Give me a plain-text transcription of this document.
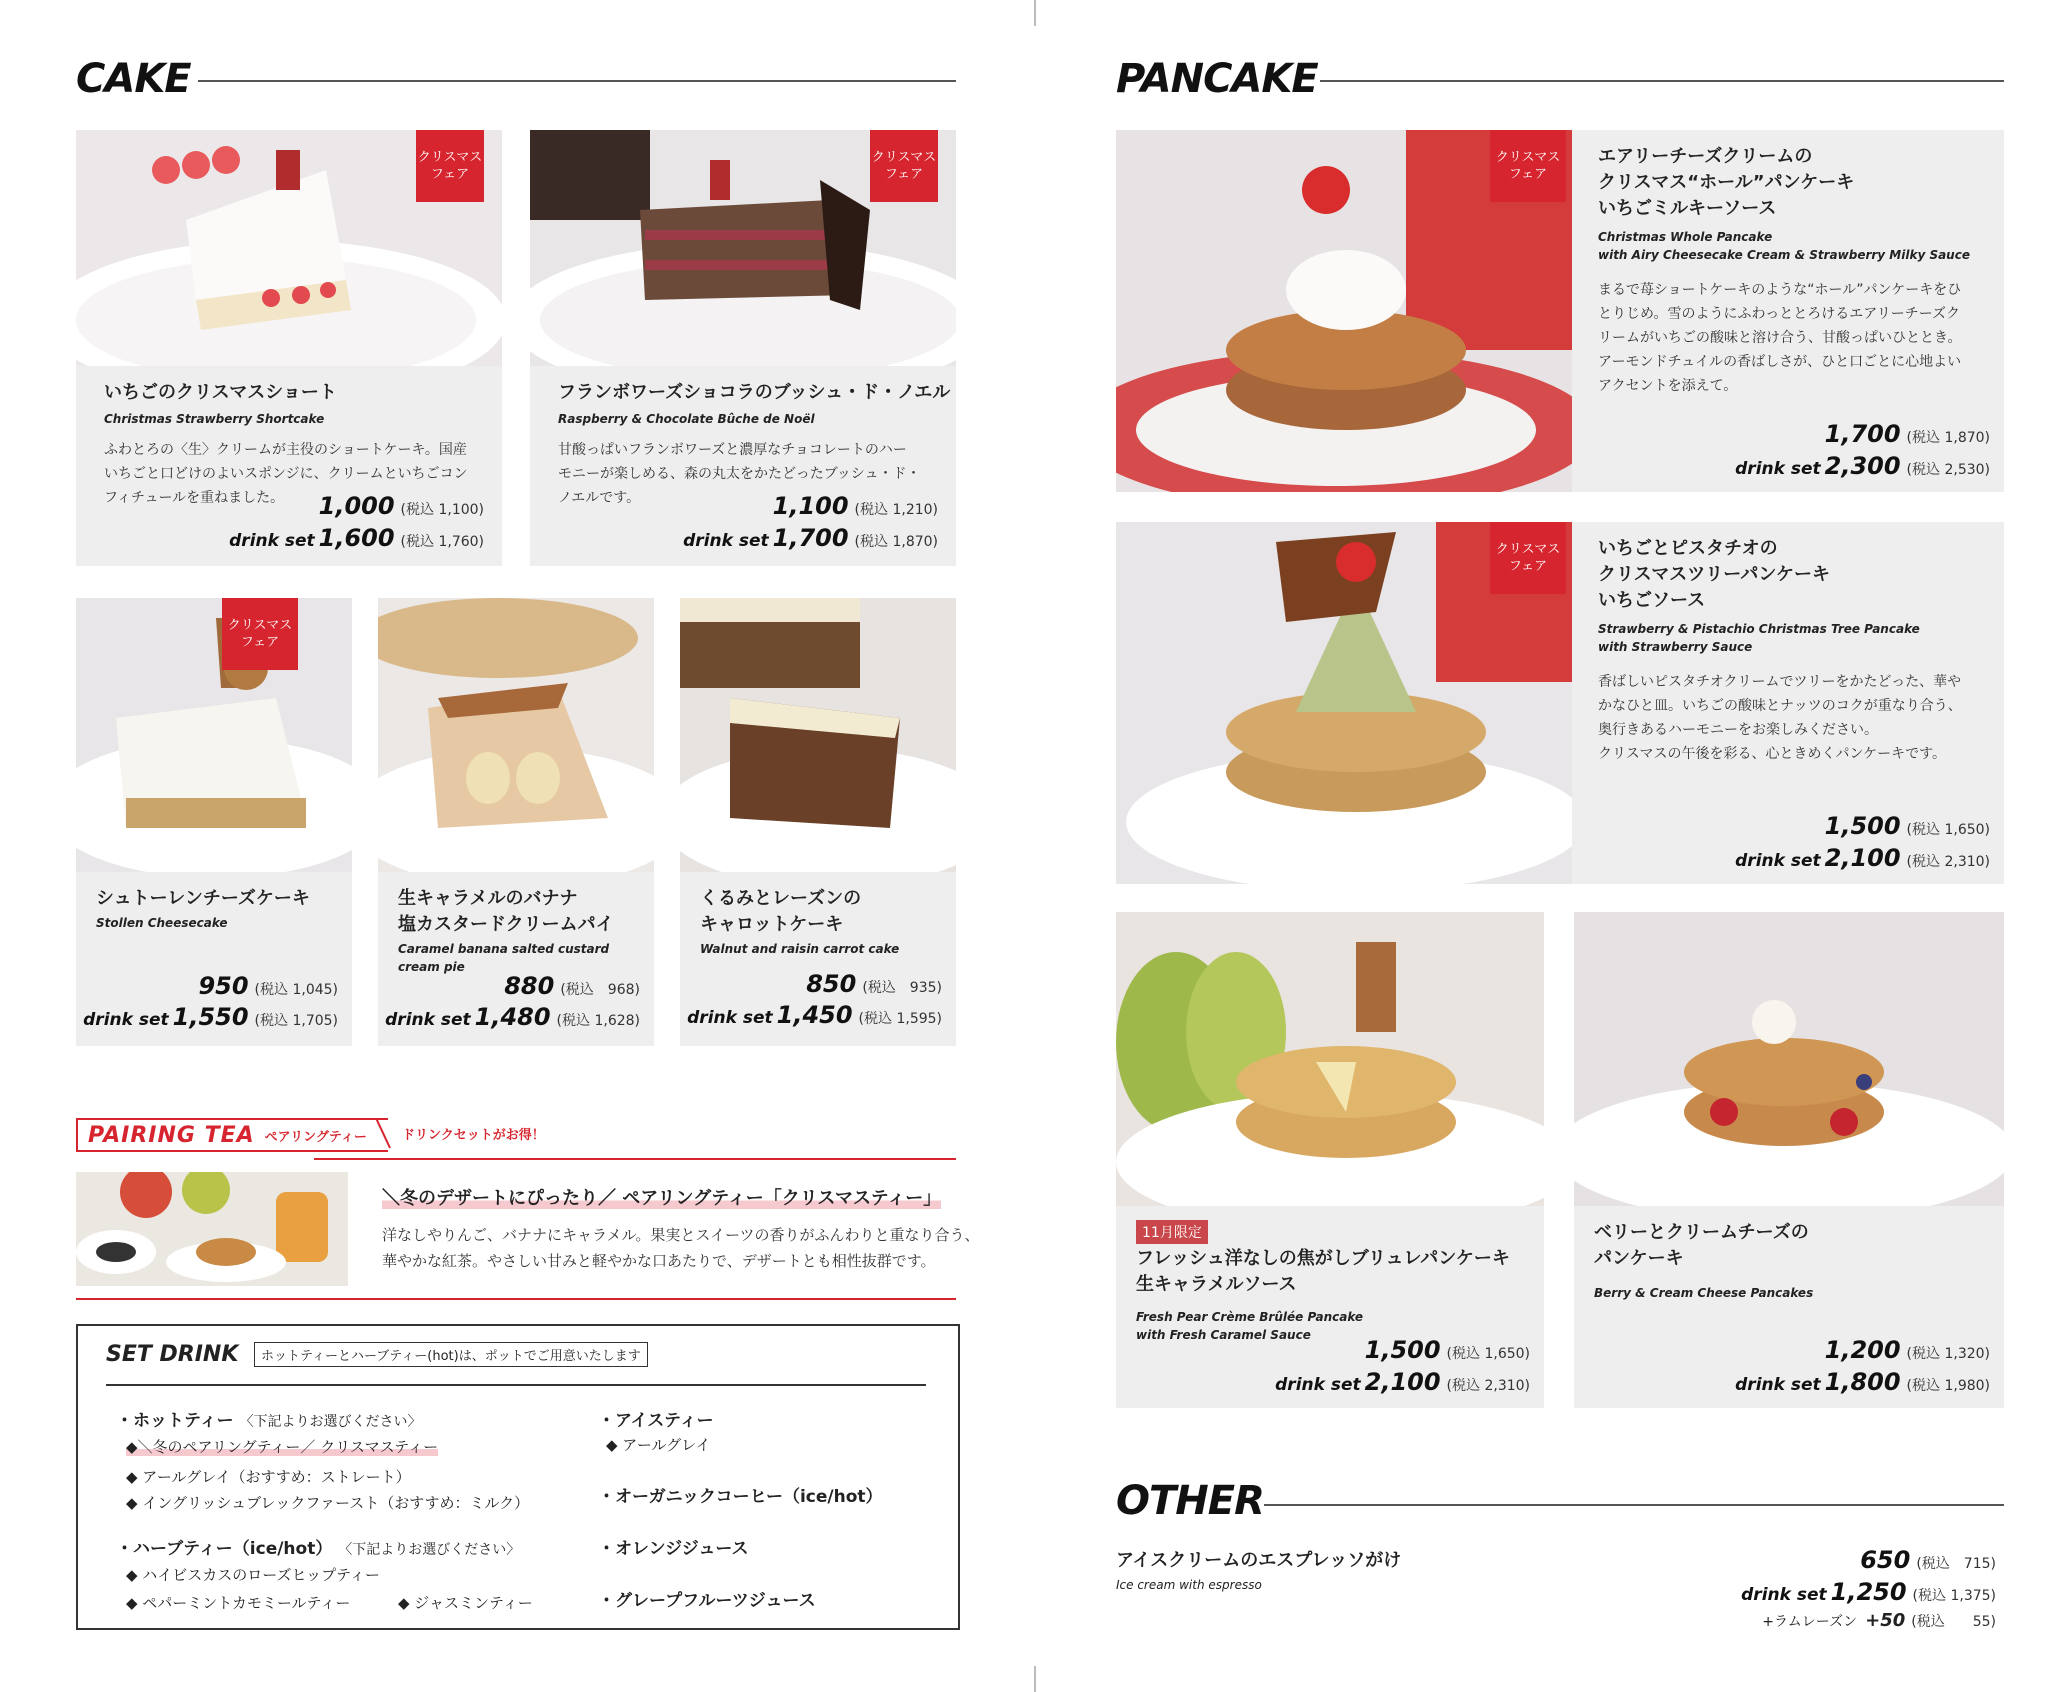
CAKE
クリスマス
フェア
いちごのクリスマスショート
Christmas Strawberry Shortcake
ふわとろの〈生〉クリームが主役のショートケーキ。国産
いちごと口どけのよいスポンジに、クリームといちごコン
フィチュールを重ねました。	1,000 (税込 1,100)
drink set 1,600 (税込 1,760)
クリスマス
フェア
フランボワーズショコラのブッシュ・ド・ノエル
Raspberry & Chocolate Bûche de Noël
甘酸っぱいフランボワーズと濃厚なチョコレートのハー
モニーが楽しめる、森の丸太をかたどったブッシュ・ド・
ノエルです。	1,100 (税込 1,210)
drink set 1,700 (税込 1,870)
クリスマス
フェア
シュトーレンチーズケーキ
Stollen Cheesecake
950 (税込 1,045)
drink set 1,550 (税込 1,705)
生キャラメルのバナナ
塩カスタードクリームパイ
Caramel banana salted custard
cream pie
880 (税込　968)
drink set 1,480 (税込 1,628)
くるみとレーズンの
キャロットケーキ
Walnut and raisin carrot cake
850 (税込　935)
drink set 1,450 (税込 1,595)
PAIRING TEA ペアリングティー	ドリンクセットがお得！
＼冬のデザートにぴったり／ ペアリングティー「クリスマスティー」
洋なしやりんご、バナナにキャラメル。果実とスイーツの香りがふんわりと重なり合う、
華やかな紅茶。やさしい甘みと軽やかな口あたりで、デザートとも相性抜群です。
SET DRINK	ホットティーとハーブティー(hot)は、ポットでご用意いたします
・ホットティー 〈下記よりお選びください〉
◆＼冬のペアリングティー／ クリスマスティー
◆ アールグレイ（おすすめ：ストレート）
◆ イングリッシュブレックファースト（おすすめ：ミルク）
・ハーブティー（ice/hot） 〈下記よりお選びください〉
◆ ハイビスカスのローズヒップティー
◆ ペパーミントカモミールティー	◆ ジャスミンティー
・アイスティー
◆ アールグレイ
・オーガニックコーヒー（ice/hot）
・オレンジジュース
・グレープフルーツジュース
PANCAKE
クリスマス
フェア
エアリーチーズクリームの
クリスマス“ホール”パンケーキ
いちごミルキーソース
Christmas Whole Pancake
with Airy Cheesecake Cream & Strawberry Milky Sauce
まるで苺ショートケーキのような“ホール”パンケーキをひ
とりじめ。雪のようにふわっととろけるエアリーチーズク
リームがいちごの酸味と溶け合う、甘酸っぱいひととき。
アーモンドチュイルの香ばしさが、ひと口ごとに心地よい
アクセントを添えて。
1,700 (税込 1,870)
drink set 2,300 (税込 2,530)
クリスマス
フェア
いちごとピスタチオの
クリスマスツリーパンケーキ
いちごソース
Strawberry & Pistachio Christmas Tree Pancake
with Strawberry Sauce
香ばしいピスタチオクリームでツリーをかたどった、華や
かなひと皿。いちごの酸味とナッツのコクが重なり合う、
奥行きあるハーモニーをお楽しみください。
クリスマスの午後を彩る、心ときめくパンケーキです。
1,500 (税込 1,650)
drink set 2,100 (税込 2,310)
11月限定
フレッシュ洋なしの焦がしブリュレパンケーキ
生キャラメルソース
Fresh Pear Crème Brûlée Pancake
with Fresh Caramel Sauce
1,500 (税込 1,650)
drink set 2,100 (税込 2,310)
ベリーとクリームチーズの
パンケーキ
Berry & Cream Cheese Pancakes
1,200 (税込 1,320)
drink set 1,800 (税込 1,980)
OTHER
アイスクリームのエスプレッソがけ
Ice cream with espresso
650 (税込　715)
drink set 1,250 (税込 1,375)
+ラムレーズン +50 (税込　　55)
